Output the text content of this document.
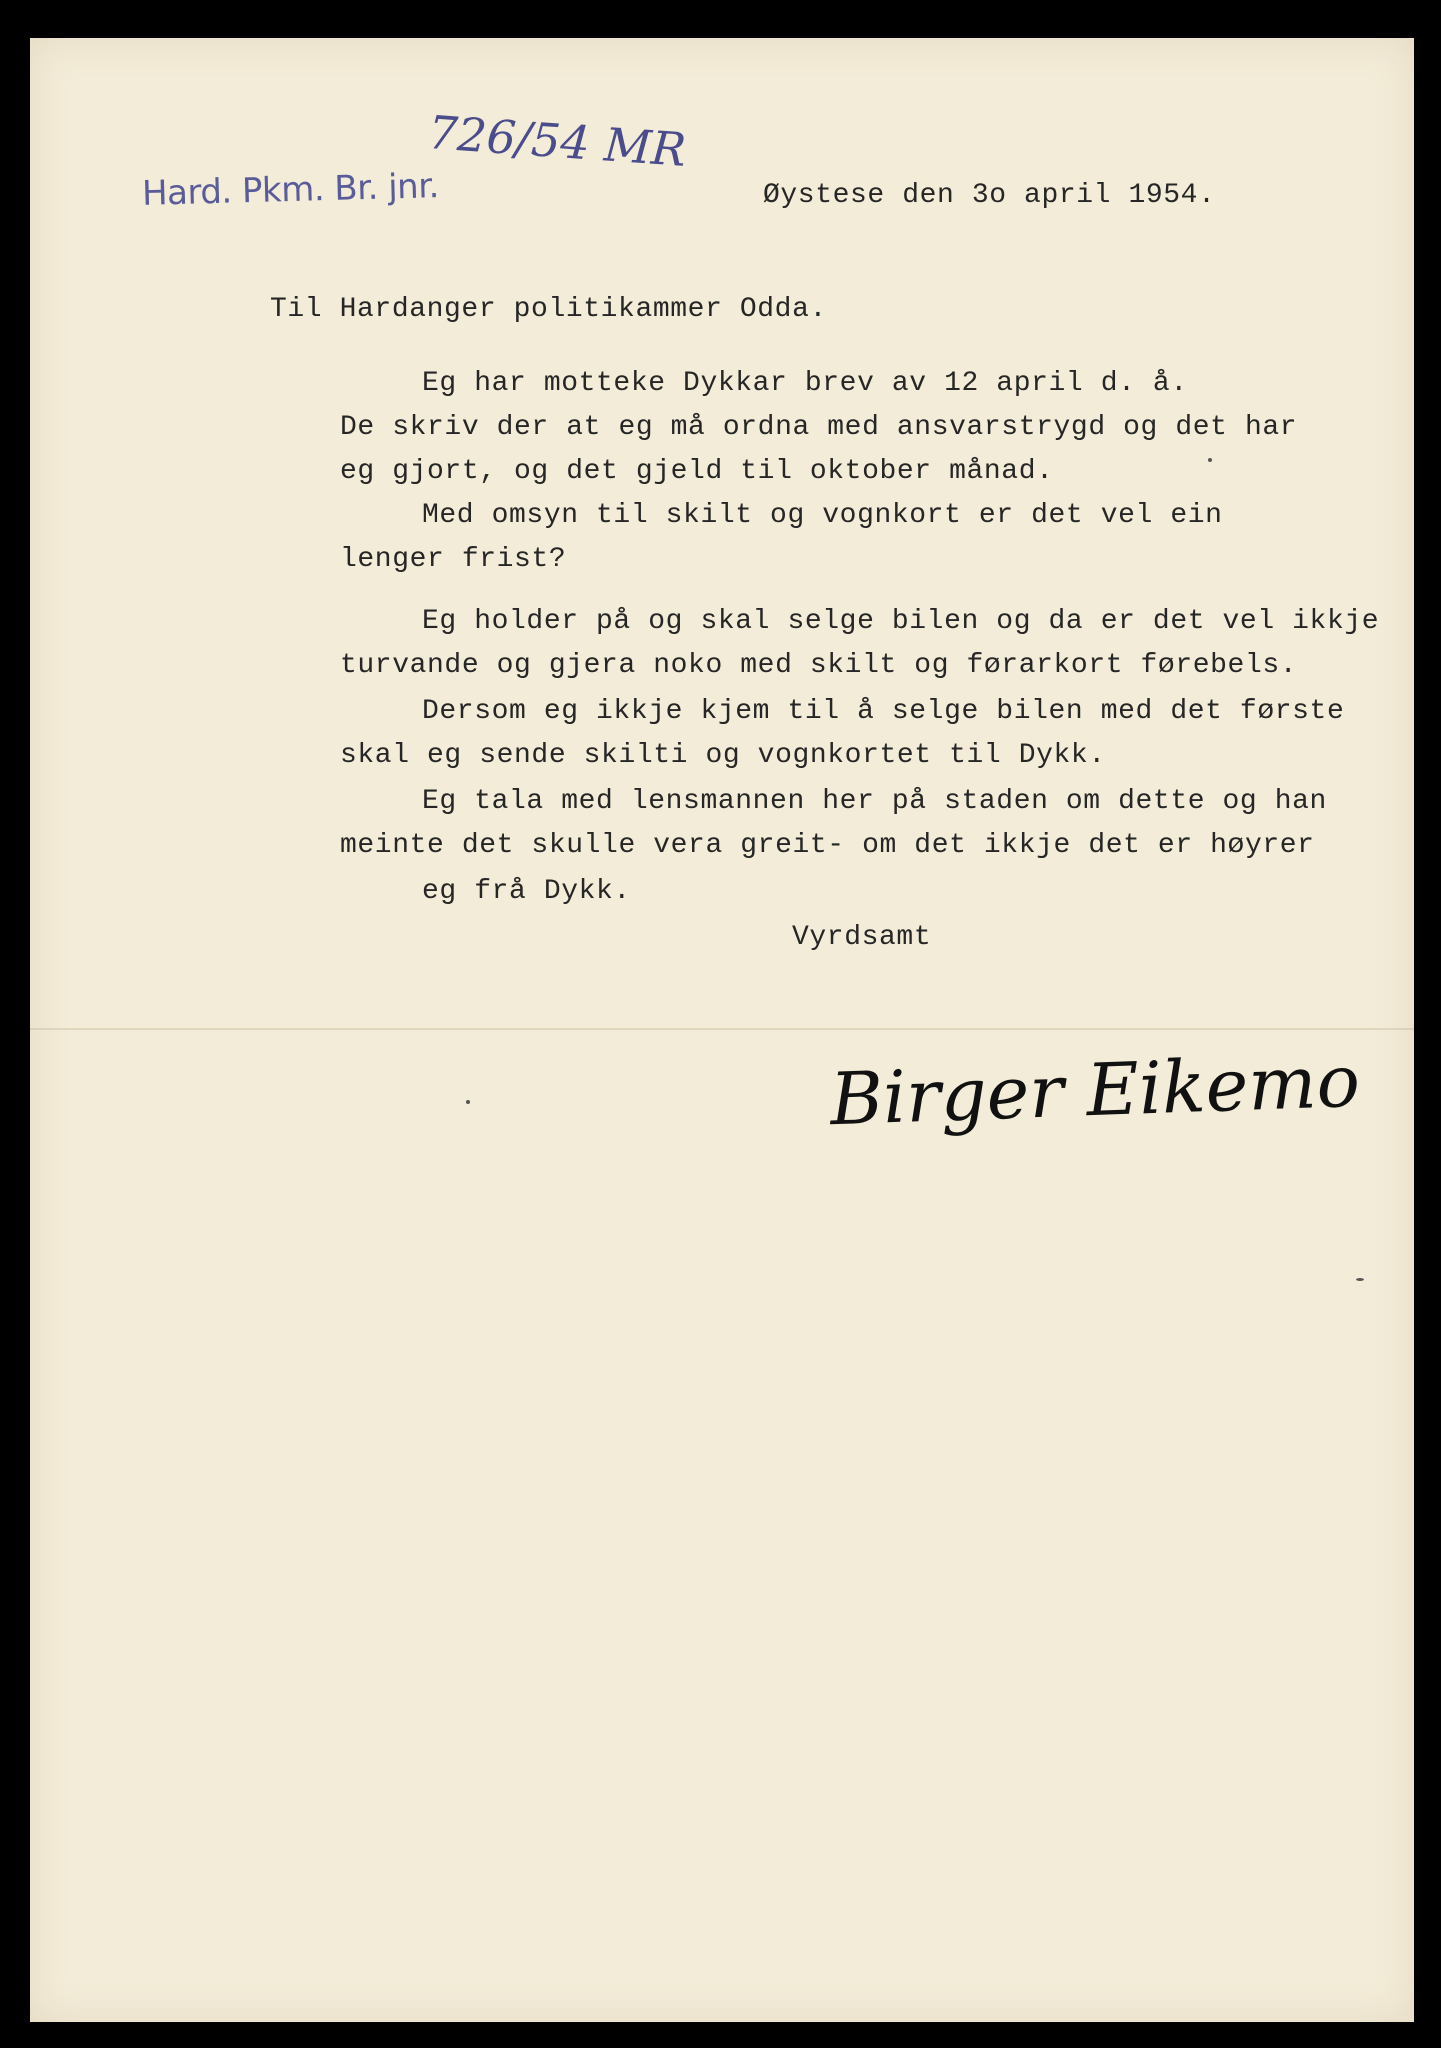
Hard. Pkm. Br. jnr.
726/54 MR
Øystese den 3o april 1954.
Til Hardanger politikammer Odda.
Eg har motteke Dykkar brev av 12 april d. å.
De skriv der at eg må ordna med ansvarstrygd og det har
eg gjort, og det gjeld til oktober månad.
Med omsyn til skilt og vognkort er det vel ein
lenger frist?
Eg holder på og skal selge bilen og da er det vel ikkje
turvande og gjera noko med skilt og førarkort førebels.
Dersom eg ikkje kjem til å selge bilen med det første
skal eg sende skilti og vognkortet til Dykk.
Eg tala med lensmannen her på staden om dette og han
meinte det skulle vera greit- om det ikkje det er høyrer
eg frå Dykk.
Vyrdsamt
Birger Eikemo
